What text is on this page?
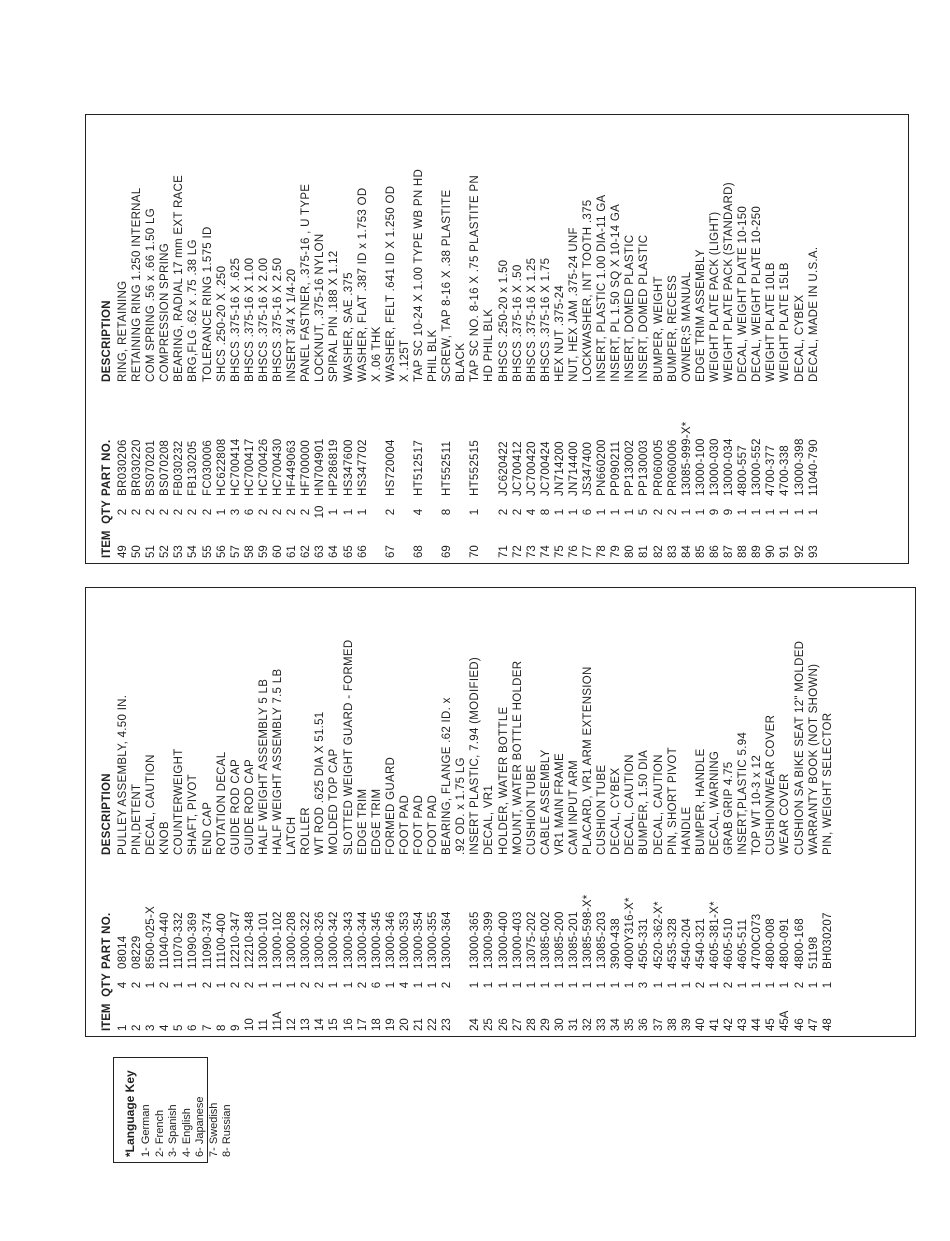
ITEM
QTY
PART NO.
DESCRIPTION
49
2
BR030206
RING, RETAINING
50
2
BR030220
RETAINING RING 1.250 INTERNAL
51
2
BS070201
COM SPRING .56 x .66 1.50 LG
52
2
BS070208
COMPRESSION SPRING
53
2
FB030232
BEARING, RADIAL 17 mm EXT RACE
54
2
FB130205
BRG,FLG .62 x .75 .38 LG
55
2
FC030006
TOLERANCE RING 1.575 ID
56
1
HC622808
SHCS .250-20 X .250
57
3
HC700414
BHSCS .375-16 X .625
58
6
HC700417
BHSCS .375-16 X 1.00
59
2
HC700426
BHSCS .375-16 X 2.00
60
2
HC700430
BHSCS .375-16 X 2.50
61
2
HF449063
INSERT 3/4 X 1/4-20
62
2
HF700000
PANEL FASTNER, .375-16 , U TYPE
63
10
HN704901
LOCKNUT, .375-16 NYLON
64
1
HP286819
SPIRAL PIN .188 X 1.12
65
1
HS347600
WASHER, SAE .375
66
1
HS347702
WASHER, FLAT .387 ID x 1.753 OD X .06 THK
67
2
HS720004
WASHER, FELT .641 ID X 1.250 OD X .125T
68
4
HT512517
TAP SC 10-24 X 1.00 TYPE WB PN HD PHIL BLK
69
8
HT552511
SCREW, TAP 8-16 X .38 PLASTITE BLACK
70
1
HT552515
TAP SC NO. 8-16 X .75 PLASTITE PN HD PHIL BLK
71
2
JC620422
BHSCS .250-20 x 1.50
72
2
JC700412
BHSCS .375-16 X .50
73
4
JC700420
BHSCS .375-16 X 1.25
74
8
JC700424
BHSCS .375-16 X 1.75
75
1
JN714200
HEX NUT .375-24
76
1
JN714400
NUT, HEX JAM .375-24 UNF
77
6
JS347400
LOCKWASHER, INT TOOTH .375
78
1
PN660200
INSERT, PLASTIC 1.00 DIA-11 GA
79
1
PP090211
INSERT, PL 1.50 SQ X 10-14 GA
80
1
PP130002
INSERT, DOMED PLASTIC
81
5
PP130003
INSERT, DOMED PLASTIC
82
2
PR060005
BUMPER, WEIGHT
83
2
PR060006
BUMPER, RECESS
84
1
13085-999-X*
OWNER;S MANUAL
85
1
13000-100
EDGE TRIM ASSEMBLY
86
9
13000-030
WEIGHT PLATE PACK (LIGHT)
87
9
13000-034
WEIGHT PLATE PACK (STANDARD)
88
1
4800-557
DECAL, WEIGHT PLATE 10-150
89
1
13000-552
DECAL, WEIGHT PLATE 10-250
90
1
4700-377
WEIGHT PLATE 10LB
91
1
4700-338
WEIGHT PLATE 15LB
92
1
13000-398
DECAL, CYBEX
93
1
11040-790
DECAL, MADE IN U.S.A.
ITEM
QTY
PART NO.
DESCRIPTION
1
4
08014
PULLEY ASSEMBLY, 4.50 IN.
2
2
08229
PIN,DETENT
3
1
8500-025-X
DECAL, CAUTION
4
2
11040-440
KNOB
5
1
11070-332
COUNTERWEIGHT
6
1
11090-369
SHAFT, PIVOT
7
2
11090-374
END CAP
8
1
11100-400
ROTATION DECAL
9
2
12210-347
GUIDE ROD CAP
10
2
12210-348
GUIDE ROD CAP
11
1
13000-101
HALF WEIGHT ASSEMBLY 5 LB
11A
1
13000-102
HALF WEIGHT ASSEMBLY 7.5 LB
12
1
13000-208
LATCH
13
2
13000-322
ROLLER
14
2
13000-326
WT ROD .625 DIA X 51.51
15
1
13000-342
MOLDED TOP CAP
16
1
13000-343
SLOTTED WEIGHT GUARD - FORMED
17
2
13000-344
EDGE TRIM
18
6
13000-345
EDGE TRIM
19
1
13000-346
FORMED GUARD
20
4
13000-353
FOOT PAD
21
1
13000-354
FOOT PAD
22
1
13000-355
FOOT PAD
23
2
13000-364
BEARING, FLANGE .62 ID. x .92 OD. x 1.75 LG
24
1
13000-365
INSERT PLASTIC, 7.94 (MODIFIED)
25
1
13000-399
DECAL, VR1
26
1
13000-400
HOLDER, WATER BOTTLE
27
1
13000-403
MOUNT, WATER BOTTLE HOLDER
28
1
13075-202
CUSHION TUBE
29
1
13085-002
CABLE ASSEMBLY
30
1
13085-200
VR1 MAIN FRAME
31
1
13085-201
CAM INPUT ARM
32
1
13085-598-X*
PLACARD, VR1 ARM EXTENSION
33
1
13085-203
CUSHION TUBE
34
1
3900-438
DECAL, CYBEX
35
1
4000Y316-X*
DECAL, CAUTION
36
3
4505-331
BUMPER, 1.50 DIA
37
1
4520-362-X*
DECAL, CAUTION
38
1
4535-328
PIN, SHORT PIVOT
39
1
4540-204
HANDLE
40
2
4540-321
BUMPER, HANDLE
41
1
4605-381-X*
DECAL, WARNING
42
2
4605-510
GRAB GRIP 4.75
43
1
4605-511
INSERT,PLASTIC 5.94
44
1
4700C073
TOP WT 10-3 x 12
45
1
4800-008
CUSHION/WEAR COVER
45A
1
4800-091
WEAR COVER
46
2
4800-168
CUSHION SA BIKE SEAT 12" MOLDED
47
1
51198
WARRANTY BOOK (NOT SHOWN)
48
1
BH030207
PIN, WEIGHT SELECTOR
*Language Key 1- German 2- French 3- Spanish 4- English 6- Japanese 7- Swedish 8- Russian
